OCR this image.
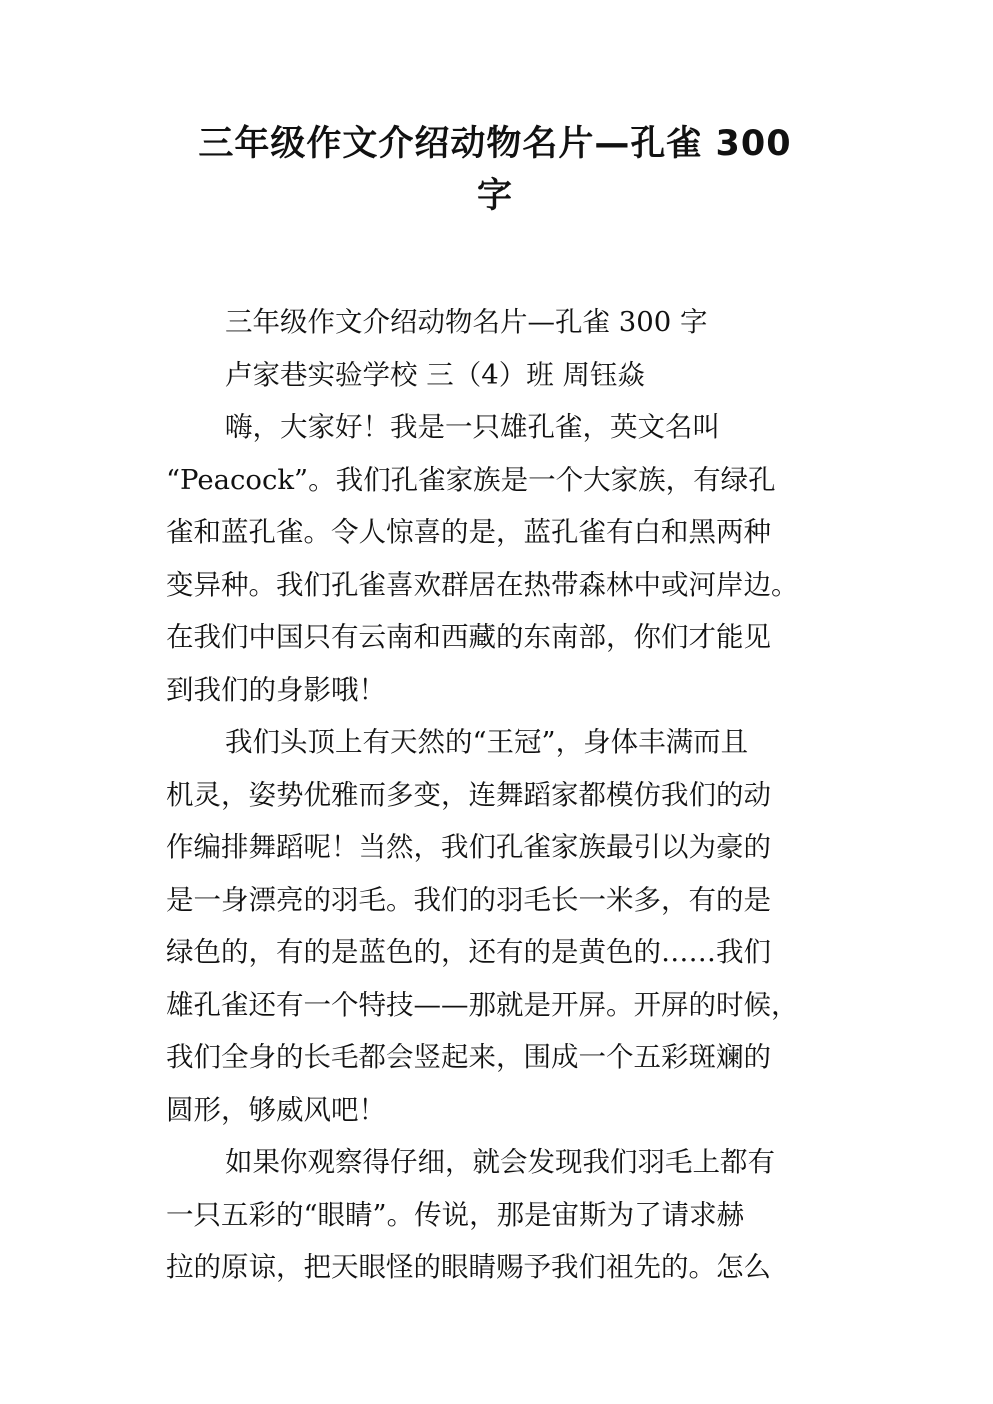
三年级作文介绍动物名片—孔雀 300
字
三年级作文介绍动物名片—孔雀 300 字
卢家巷实验学校 三（4）班 周钰焱
嗨，大家好！我是一只雄孔雀，英文名叫
“Peacock”。我们孔雀家族是一个大家族，有绿孔
雀和蓝孔雀。令人惊喜的是，蓝孔雀有白和黑两种
变异种。我们孔雀喜欢群居在热带森林中或河岸边。
在我们中国只有云南和西藏的东南部，你们才能见
到我们的身影哦！
我们头顶上有天然的“王冠”，身体丰满而且
机灵，姿势优雅而多变，连舞蹈家都模仿我们的动
作编排舞蹈呢！当然，我们孔雀家族最引以为豪的
是一身漂亮的羽毛。我们的羽毛长一米多，有的是
绿色的，有的是蓝色的，还有的是黄色的……我们
雄孔雀还有一个特技——那就是开屏。开屏的时候，
我们全身的长毛都会竖起来，围成一个五彩斑斓的
圆形，够威风吧！
如果你观察得仔细，就会发现我们羽毛上都有
一只五彩的“眼睛”。传说，那是宙斯为了请求赫
拉的原谅，把天眼怪的眼睛赐予我们祖先的。怎么
